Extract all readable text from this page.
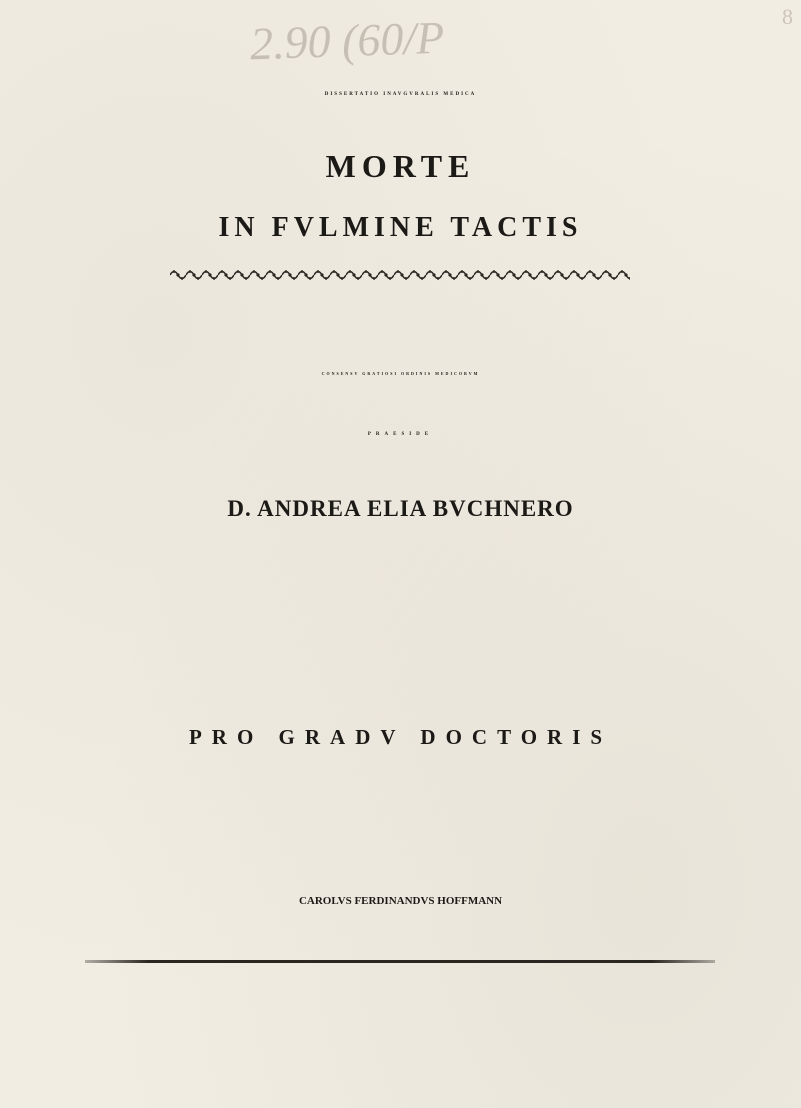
2.90 (60/P	8
DISSERTATIO INAVGVRALIS MEDICA
MORTE
IN FVLMINE TACTIS
CONSENSV GRATIOSI ORDINIS MEDICORVM
PRAESIDE
D. ANDREA ELIA BVCHNERO
PRO GRADV DOCTORIS
CAROLVS FERDINANDVS HOFFMANN
